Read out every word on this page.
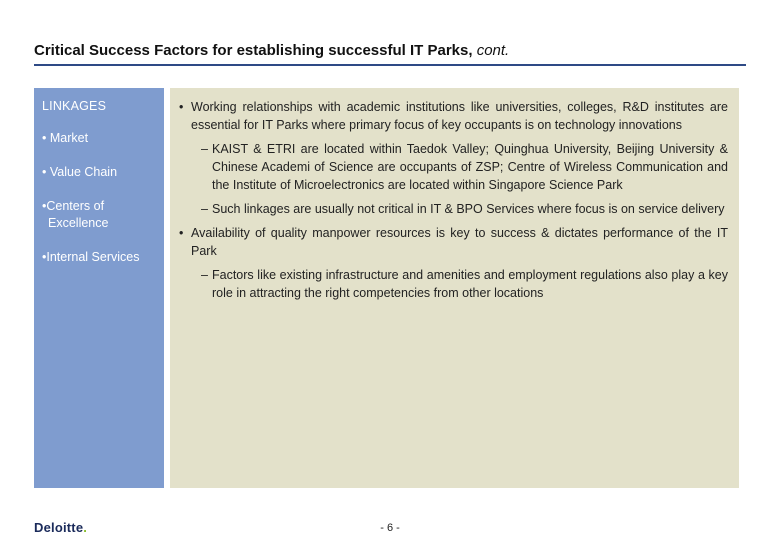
Critical Success Factors for establishing successful IT Parks, cont.
LINKAGES
• Market
• Value Chain
•Centers of Excellence
•Internal Services
• Working relationships with academic institutions like universities, colleges, R&D institutes are essential for IT Parks where primary focus of key occupants is on technology innovations
– KAIST & ETRI are located within Taedok Valley; Quinghua University, Beijing University & Chinese Academi of Science are occupants of ZSP; Centre of Wireless Communication and the Institute of Microelectronics are located within Singapore Science Park
– Such linkages are usually not critical in IT & BPO Services where focus is on service delivery
• Availability of quality manpower resources is key to success & dictates performance of the IT Park
– Factors like existing infrastructure and amenities and employment regulations also play a key role in attracting the right competencies from other locations
Deloitte.	- 6 -
